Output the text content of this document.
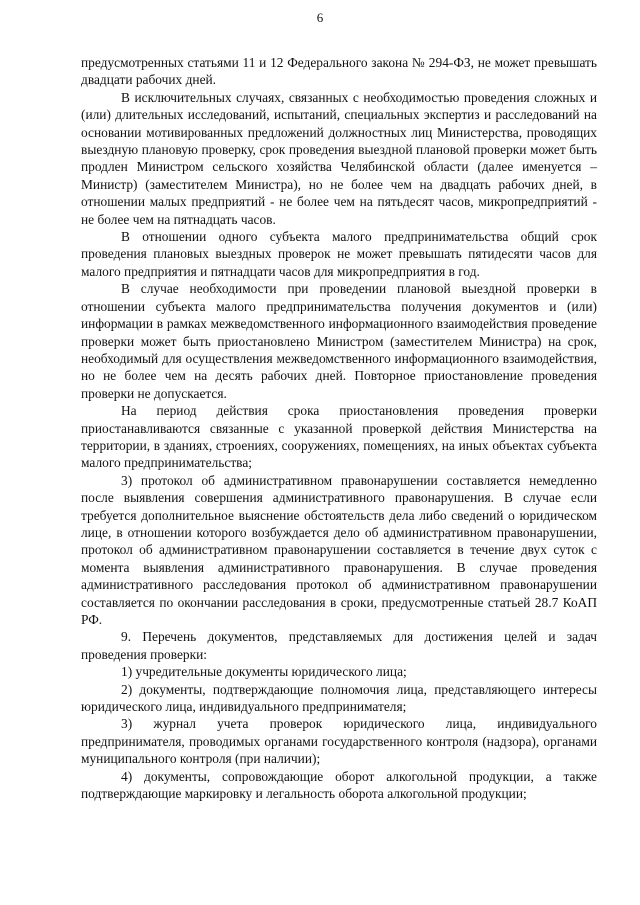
6

предусмотренных статьями 11 и 12 Федерального закона № 294-ФЗ, не может превышать двадцати рабочих дней.

В исключительных случаях, связанных с необходимостью проведения сложных и (или) длительных исследований, испытаний, специальных экспертиз и расследований на основании мотивированных предложений должностных лиц Министерства, проводящих выездную плановую проверку, срок проведения выездной плановой проверки может быть продлен Министром сельского хозяйства Челябинской области (далее именуется – Министр) (заместителем Министра), но не более чем на двадцать рабочих дней, в отношении малых предприятий - не более чем на пятьдесят часов, микропредприятий - не более чем на пятнадцать часов.

В отношении одного субъекта малого предпринимательства общий срок проведения плановых выездных проверок не может превышать пятидесяти часов для малого предприятия и пятнадцати часов для микропредприятия в год.

В случае необходимости при проведении плановой выездной проверки в отношении субъекта малого предпринимательства получения документов и (или) информации в рамках межведомственного информационного взаимодействия проведение проверки может быть приостановлено Министром (заместителем Министра) на срок, необходимый для осуществления межведомственного информационного взаимодействия, но не более чем на десять рабочих дней. Повторное приостановление проведения проверки не допускается.

На период действия срока приостановления проведения проверки приостанавливаются связанные с указанной проверкой действия Министерства на территории, в зданиях, строениях, сооружениях, помещениях, на иных объектах субъекта малого предпринимательства;

3) протокол об административном правонарушении составляется немедленно после выявления совершения административного правонарушения. В случае если требуется дополнительное выяснение обстоятельств дела либо сведений о юридическом лице, в отношении которого возбуждается дело об административном правонарушении, протокол об административном правонарушении составляется в течение двух суток с момента выявления административного правонарушения. В случае проведения административного расследования протокол об административном правонарушении составляется по окончании расследования в сроки, предусмотренные статьей 28.7 КоАП РФ.

9. Перечень документов, представляемых для достижения целей и задач проведения проверки:

1) учредительные документы юридического лица;

2) документы, подтверждающие полномочия лица, представляющего интересы юридического лица, индивидуального предпринимателя;

3) журнал учета проверок юридического лица, индивидуального предпринимателя, проводимых органами государственного контроля (надзора), органами муниципального контроля (при наличии);

4) документы, сопровождающие оборот алкогольной продукции, а также подтверждающие маркировку и легальность оборота алкогольной продукции;
